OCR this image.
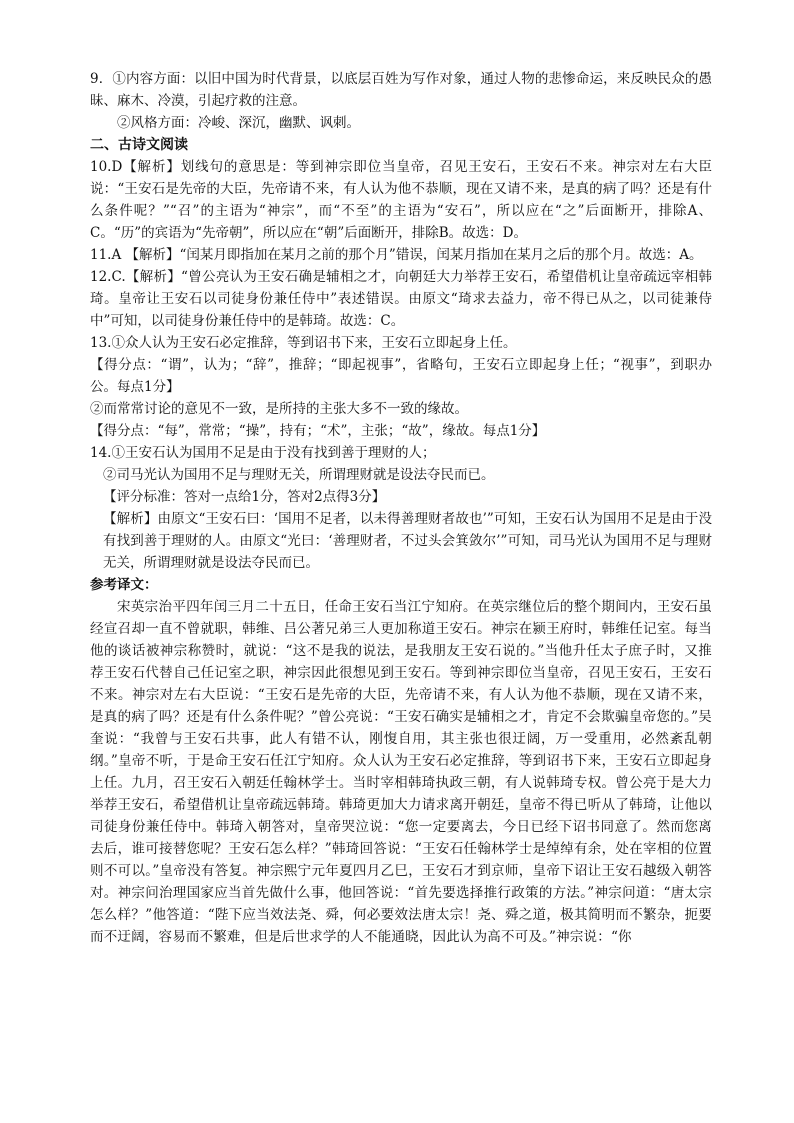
9．①内容方面：以旧中国为时代背景，以底层百姓为写作对象，通过人物的悲惨命运，来反映民众的愚昧、麻木、冷漠，引起疗救的注意。

②风格方面：冷峻、深沉，幽默、讽刺。

二、古诗文阅读

10.D【解析】划线句的意思是：等到神宗即位当皇帝，召见王安石，王安石不来。神宗对左右大臣说：“王安石是先帝的大臣，先帝请不来，有人认为他不恭顺，现在又请不来，是真的病了吗？还是有什么条件呢？”“召”的主语为“神宗”，而“不至”的主语为“安石”，所以应在“之”后面断开，排除A、C。“历”的宾语为“先帝朝”，所以应在“朝”后面断开，排除B。故选：D。

11.A 【解析】“闰某月即指加在某月之前的那个月”错误，闰某月指加在某月之后的那个月。故选：A。

12.C.【解析】“曾公亮认为王安石确是辅相之才，向朝廷大力举荐王安石，希望借机让皇帝疏远宰相韩琦。皇帝让王安石以司徒身份兼任侍中”表述错误。由原文“琦求去益力，帝不得已从之，以司徒兼侍中”可知，以司徒身份兼任侍中的是韩琦。故选：C。

13.①众人认为王安石必定推辞，等到诏书下来，王安石立即起身上任。

【得分点：“谓”，认为；“辞”，推辞；“即起视事”，省略句，王安石立即起身上任；“视事”，到职办公。每点1分】

②而常常讨论的意见不一致，是所持的主张大多不一致的缘故。

【得分点：“每”，常常；“操”，持有；“术”，主张；“故”，缘故。每点1分】

14.①王安石认为国用不足是由于没有找到善于理财的人；

②司马光认为国用不足与理财无关，所谓理财就是设法夺民而已。

【评分标准：答对一点给1分，答对2点得3分】

【解析】由原文“王安石曰：‘国用不足者，以未得善理财者故也’”可知，王安石认为国用不足是由于没有找到善于理财的人。由原文“光曰：‘善理财者，不过头会箕敛尔’”可知，司马光认为国用不足与理财无关，所谓理财就是设法夺民而已。

参考译文：

宋英宗治平四年闰三月二十五日，任命王安石当江宁知府。在英宗继位后的整个期间内，王安石虽经宣召却一直不曾就职，韩维、吕公著兄弟三人更加称道王安石。神宗在颍王府时，韩维任记室。每当他的谈话被神宗称赞时，就说：“这不是我的说法，是我朋友王安石说的。”当他升任太子庶子时，又推荐王安石代替自己任记室之职，神宗因此很想见到王安石。等到神宗即位当皇帝，召见王安石，王安石不来。神宗对左右大臣说：“王安石是先帝的大臣，先帝请不来，有人认为他不恭顺，现在又请不来，是真的病了吗？还是有什么条件呢？”曾公亮说：“王安石确实是辅相之才，肯定不会欺骗皇帝您的。”吴奎说：“我曾与王安石共事，此人有错不认，刚愎自用，其主张也很迂阔，万一受重用，必然紊乱朝纲。”皇帝不听，于是命王安石任江宁知府。众人认为王安石必定推辞，等到诏书下来，王安石立即起身上任。九月，召王安石入朝廷任翰林学士。当时宰相韩琦执政三朝，有人说韩琦专权。曾公亮于是大力举荐王安石，希望借机让皇帝疏远韩琦。韩琦更加大力请求离开朝廷，皇帝不得已听从了韩琦，让他以司徒身份兼任侍中。韩琦入朝答对，皇帝哭泣说：“您一定要离去，今日已经下诏书同意了。然而您离去后，谁可接替您呢？王安石怎么样？”韩琦回答说：“王安石任翰林学士是绰绰有余，处在宰相的位置则不可以。”皇帝没有答复。神宗熙宁元年夏四月乙巳，王安石才到京师，皇帝下诏让王安石越级入朝答对。神宗问治理国家应当首先做什么事，他回答说：“首先要选择推行政策的方法。”神宗问道：“唐太宗怎么样？”他答道：“陛下应当效法尧、舜，何必要效法唐太宗！尧、舜之道，极其简明而不繁杂，扼要而不迂阔，容易而不繁难，但是后世求学的人不能通晓，因此认为高不可及。”神宗说：“你
